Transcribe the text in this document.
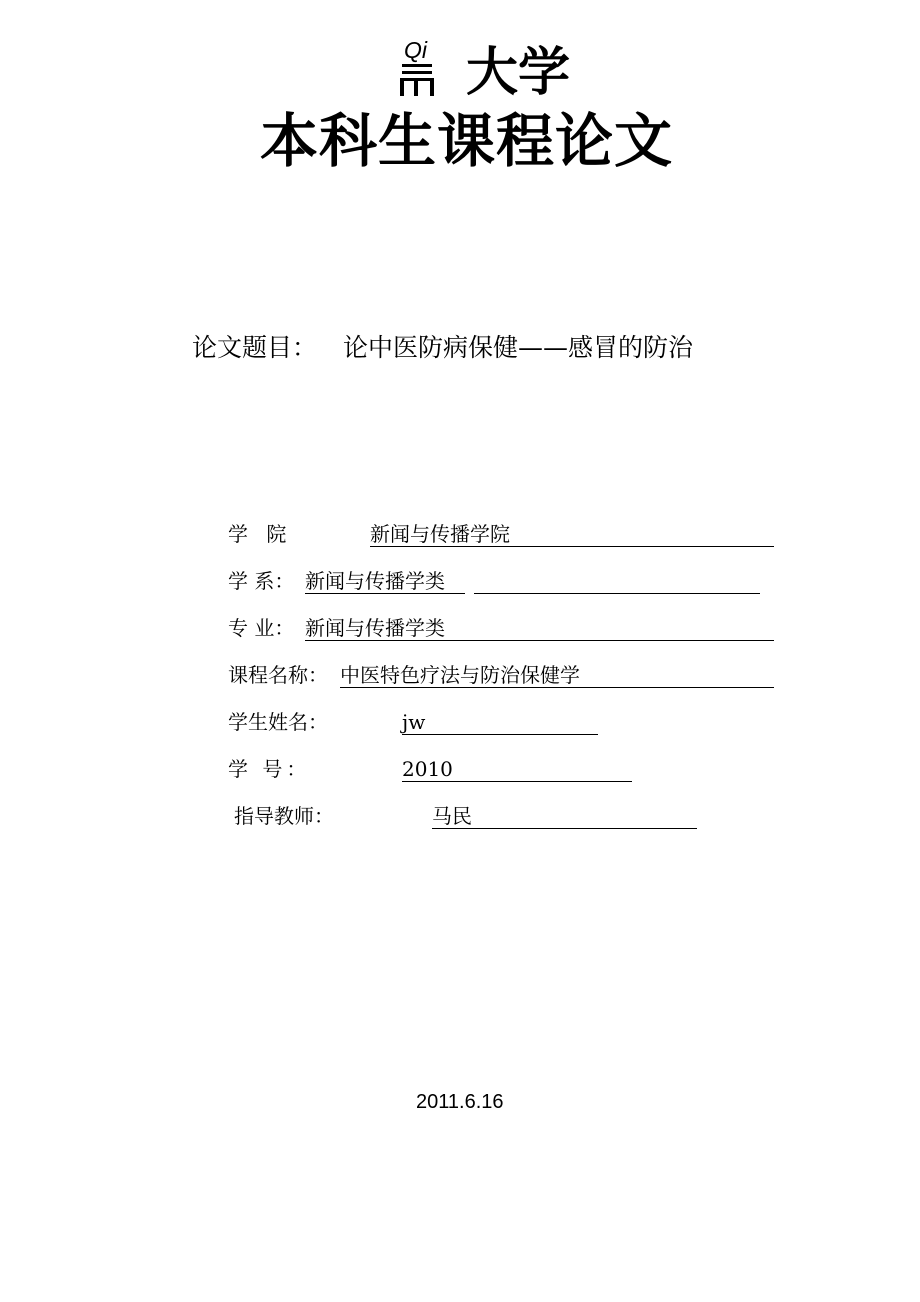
Qi 大学
本科生课程论文
论文题目： 论中医防病保健——感冒的防治
学 院	新闻与传播学院
学 系： 新闻与传播学类
专 业： 新闻与传播学类
课程名称： 中医特色疗法与防治保健学
学生姓名：	jw
学 号：	2010
指导教师：	马民
2011.6.16
